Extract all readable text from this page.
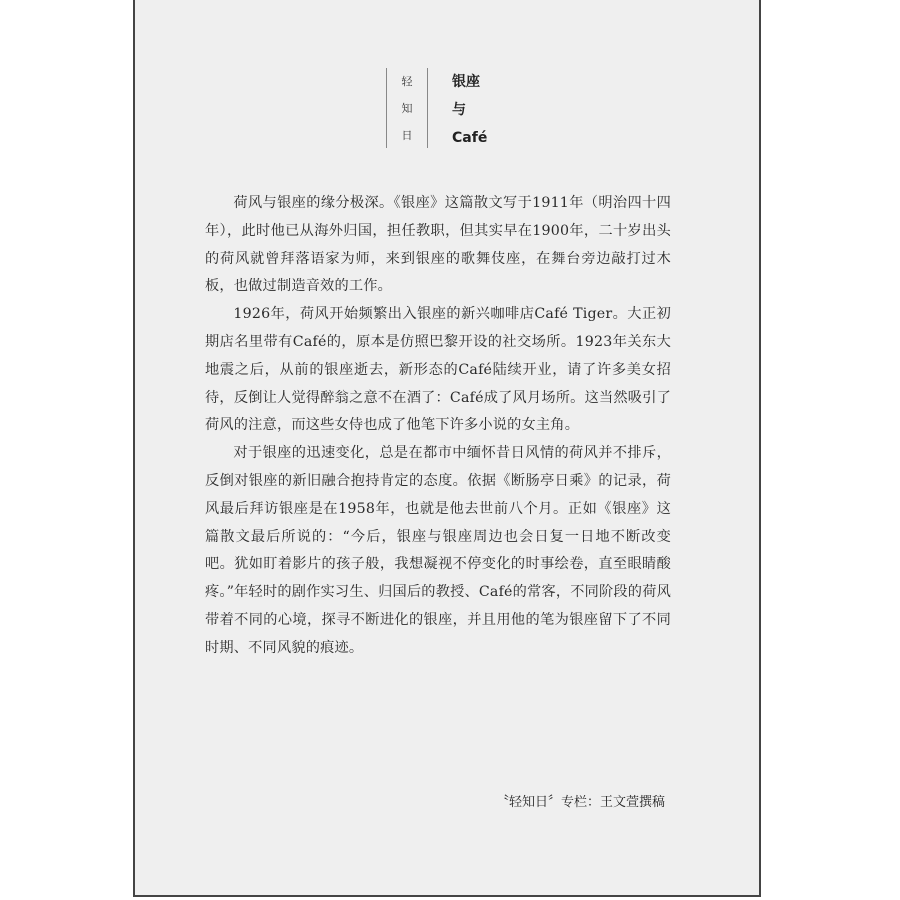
轻
知
日
银座
与
Café

荷风与银座的缘分极深。《银座》这篇散文写于1911年（明治四十四年），此时他已从海外归国，担任教职，但其实早在1900年，二十岁出头的荷风就曾拜落语家为师，来到银座的歌舞伎座，在舞台旁边敲打过木板，也做过制造音效的工作。

1926年，荷风开始频繁出入银座的新兴咖啡店Café Tiger。大正初期店名里带有Café的，原本是仿照巴黎开设的社交场所。1923年关东大地震之后，从前的银座逝去，新形态的Café陆续开业，请了许多美女招待，反倒让人觉得醉翁之意不在酒了：Café成了风月场所。这当然吸引了荷风的注意，而这些女侍也成了他笔下许多小说的女主角。

对于银座的迅速变化，总是在都市中缅怀昔日风情的荷风并不排斥，反倒对银座的新旧融合抱持肯定的态度。依据《断肠亭日乘》的记录，荷风最后拜访银座是在1958年，也就是他去世前八个月。正如《银座》这篇散文最后所说的：“今后，银座与银座周边也会日复一日地不断改变吧。犹如盯着影片的孩子般，我想凝视不停变化的时事绘卷，直至眼睛酸疼。”年轻时的剧作实习生、归国后的教授、Café的常客，不同阶段的荷风带着不同的心境，探寻不断进化的银座，并且用他的笔为银座留下了不同时期、不同风貌的痕迹。

〝轻知日〞专栏：王文萱撰稿
